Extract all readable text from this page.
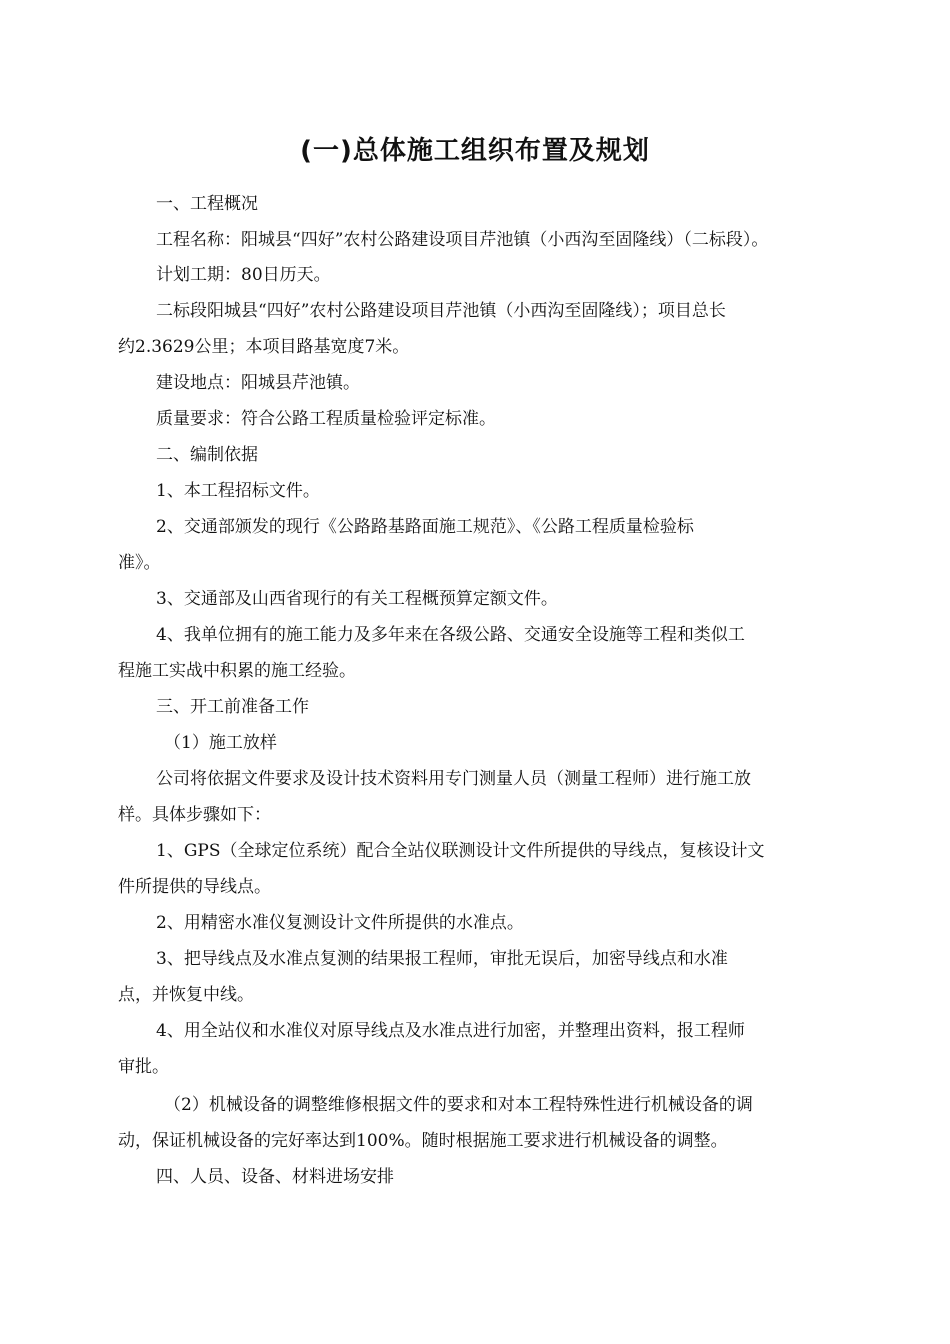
(一)总体施工组织布置及规划

一、工程概况

工程名称：阳城县“四好”农村公路建设项目芹池镇（小西沟至固隆线）（二标段）。

计划工期：80日历天。

二标段阳城县“四好”农村公路建设项目芹池镇（小西沟至固隆线）；项目总长

约2.3629公里；本项目路基宽度7米。

建设地点：阳城县芹池镇。

质量要求：符合公路工程质量检验评定标准。

二、编制依据

1、本工程招标文件。

2、交通部颁发的现行《公路路基路面施工规范》、《公路工程质量检验标

准》。

3、交通部及山西省现行的有关工程概预算定额文件。

4、我单位拥有的施工能力及多年来在各级公路、交通安全设施等工程和类似工

程施工实战中积累的施工经验。

三、开工前准备工作

（1）施工放样

公司将依据文件要求及设计技术资料用专门测量人员（测量工程师）进行施工放

样。具体步骤如下：

1、GPS（全球定位系统）配合全站仪联测设计文件所提供的导线点，复核设计文

件所提供的导线点。

2、用精密水准仪复测设计文件所提供的水准点。

3、把导线点及水准点复测的结果报工程师，审批无误后，加密导线点和水准

点，并恢复中线。

4、用全站仪和水准仪对原导线点及水准点进行加密，并整理出资料，报工程师

审批。

（2）机械设备的调整维修根据文件的要求和对本工程特殊性进行机械设备的调

动，保证机械设备的完好率达到100%。随时根据施工要求进行机械设备的调整。

四、人员、设备、材料进场安排
